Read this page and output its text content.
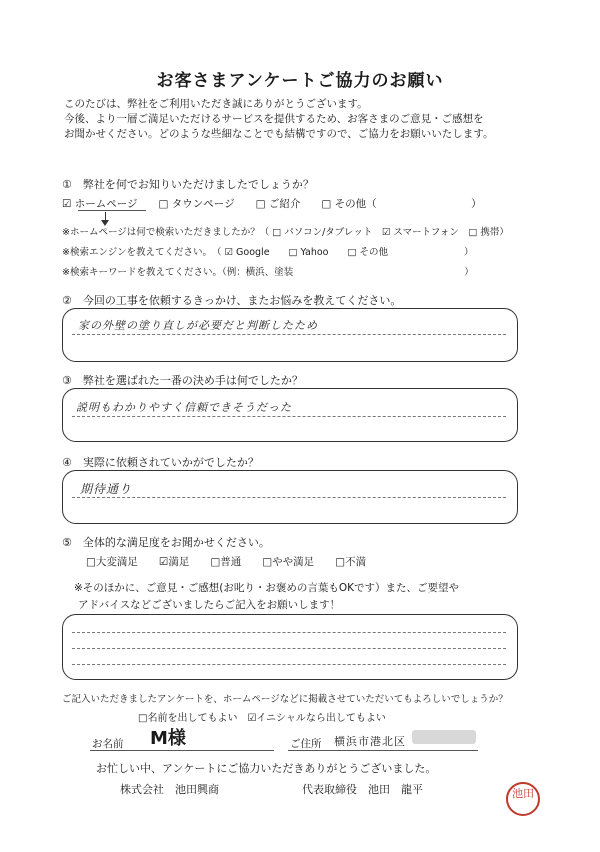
お客さまアンケートご協力のお願い
このたびは、弊社をご利用いただき誠にありがとうございます。
今後、より一層ご満足いただけるサービスを提供するため、お客さまのご意見・ご感想を
お聞かせください。どのような些細なことでも結構ですので、ご協力をお願いいたします。
①　弊社を何でお知りいただけましたでしょうか？
☑ ホームページ　　□ タウンページ　　□ ご紹介　　□ その他（　　　　　　　　　）
※ホームページは何で検索いただきましたか？（ □ パソコン/タブレット　☑ スマートフォン　□ 携帯）
※検索エンジンを教えてください。　（ ☑ Google　　□ Yahoo　　□ その他　　　　　　　　）
※検索キーワードを教えてください。（例：横浜、塗装　　　　　　　　　　　　　　　　　　）
②　今回の工事を依頼するきっかけ、またお悩みを教えてください。
家の外壁の塗り直しが必要だと判断したため
③　弊社を選ばれた一番の決め手は何でしたか？
説明もわかりやすく信頼できそうだった
④　実際に依頼されていかがでしたか？
期待通り
⑤　全体的な満足度をお聞かせください。
□大変満足　　☑満足　　□普通　　□やや満足　　□不満
※そのほかに、ご意見・ご感想(お叱り・お褒めの言葉もOKです）また、ご要望や
アドバイスなどございましたらご記入をお願いします！
ご記入いただきましたアンケートを、ホームページなどに掲載させていただいてもよろしいでしょうか？
□名前を出してもよい　☑イニシャルなら出してもよい
お名前 M様	ご住所 横浜市港北区
お忙しい中、アンケートにご協力いただきありがとうございました。
株式会社　池田興商	代表取締役　池田　龍平	池田
